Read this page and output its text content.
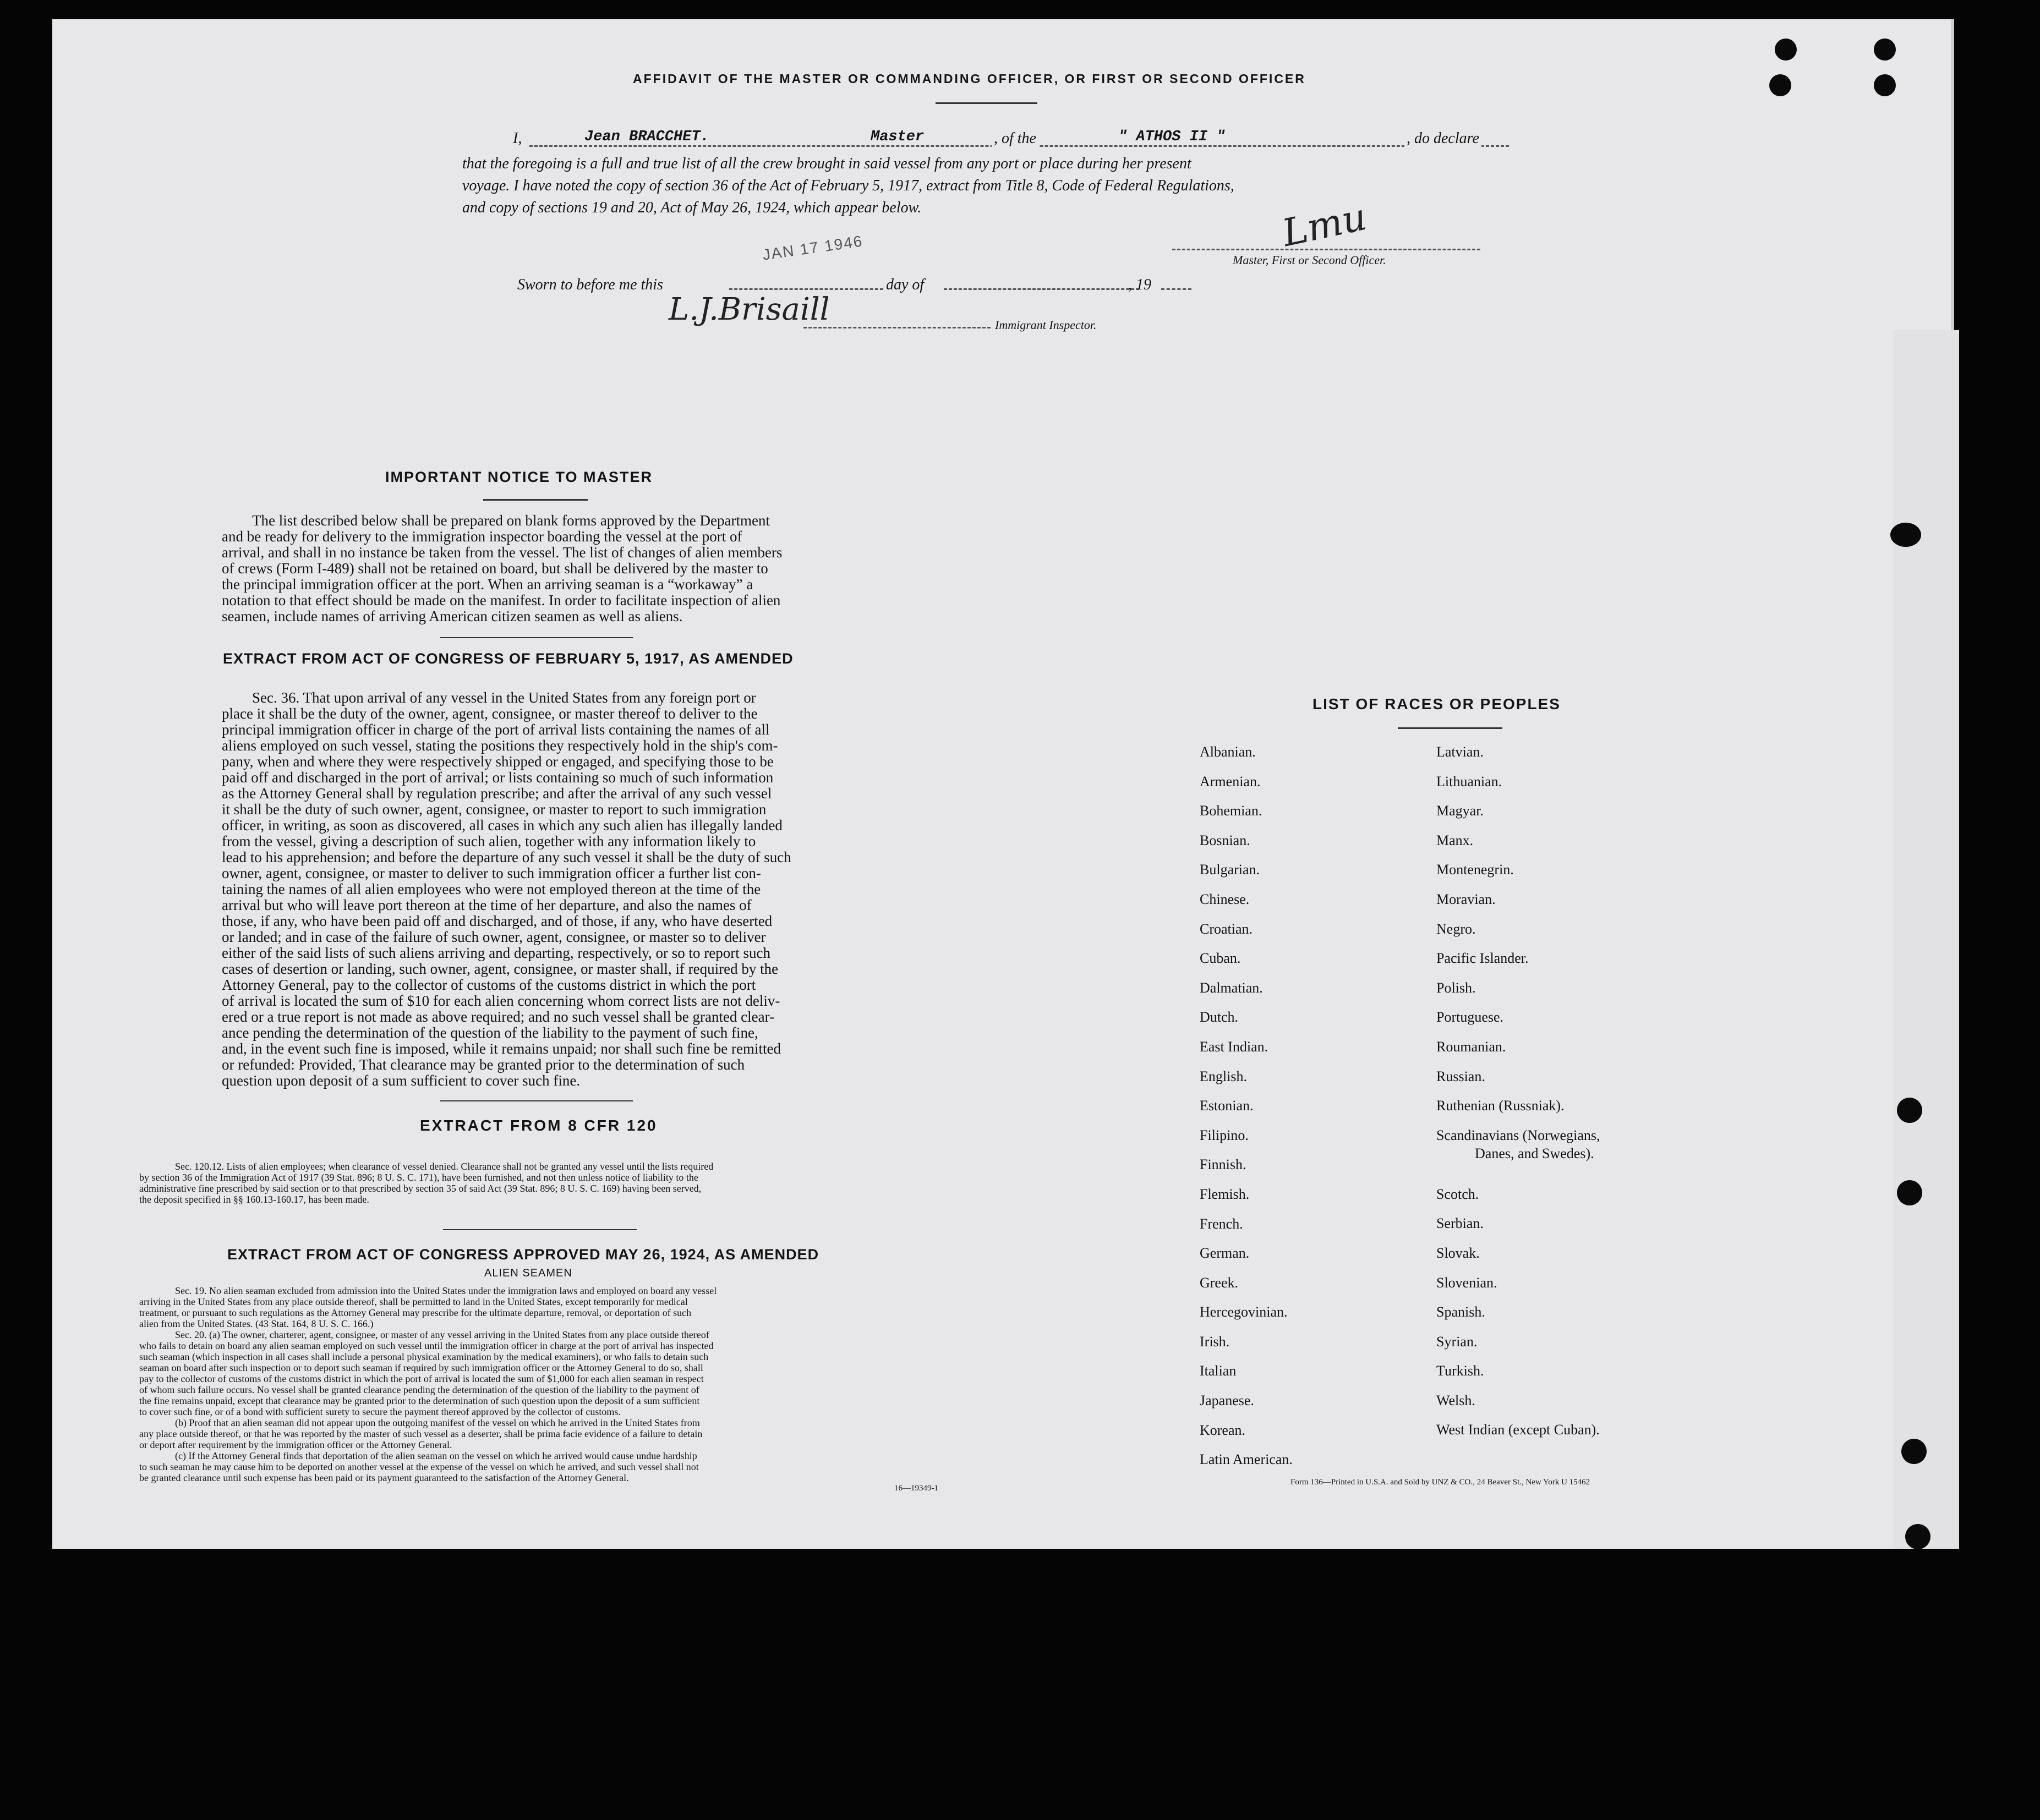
AFFIDAVIT OF THE MASTER OR COMMANDING OFFICER, OR FIRST OR SECOND OFFICER
I,	Jean BRACCHET.	Master	, of the	" ATHOS II "	, do declare
that the foregoing is a full and true list of all the crew brought in said vessel from any port or place during her present
voyage. I have noted the copy of section 36 of the Act of February 5, 1917, extract from Title 8, Code of Federal Regulations,
and copy of sections 19 and 20, Act of May 26, 1924, which appear below.
JAN 17 1946	Lmu
Master, First or Second Officer.
Sworn to before me this	day of	, 19
L.J.Brisaill	Immigrant Inspector.
IMPORTANT NOTICE TO MASTER
The list described below shall be prepared on blank forms approved by the Department
and be ready for delivery to the immigration inspector boarding the vessel at the port of
arrival, and shall in no instance be taken from the vessel. The list of changes of alien members
of crews (Form I-489) shall not be retained on board, but shall be delivered by the master to
the principal immigration officer at the port. When an arriving seaman is a “workaway” a
notation to that effect should be made on the manifest. In order to facilitate inspection of alien
seamen, include names of arriving American citizen seamen as well as aliens.
EXTRACT FROM ACT OF CONGRESS OF FEBRUARY 5, 1917, AS AMENDED
Sec. 36. That upon arrival of any vessel in the United States from any foreign port or
place it shall be the duty of the owner, agent, consignee, or master thereof to deliver to the
principal immigration officer in charge of the port of arrival lists containing the names of all
aliens employed on such vessel, stating the positions they respectively hold in the ship's com-
pany, when and where they were respectively shipped or engaged, and specifying those to be
paid off and discharged in the port of arrival; or lists containing so much of such information
as the Attorney General shall by regulation prescribe; and after the arrival of any such vessel
it shall be the duty of such owner, agent, consignee, or master to report to such immigration
officer, in writing, as soon as discovered, all cases in which any such alien has illegally landed
from the vessel, giving a description of such alien, together with any information likely to
lead to his apprehension; and before the departure of any such vessel it shall be the duty of such
owner, agent, consignee, or master to deliver to such immigration officer a further list con-
taining the names of all alien employees who were not employed thereon at the time of the
arrival but who will leave port thereon at the time of her departure, and also the names of
those, if any, who have been paid off and discharged, and of those, if any, who have deserted
or landed; and in case of the failure of such owner, agent, consignee, or master so to deliver
either of the said lists of such aliens arriving and departing, respectively, or so to report such
cases of desertion or landing, such owner, agent, consignee, or master shall, if required by the
Attorney General, pay to the collector of customs of the customs district in which the port
of arrival is located the sum of $10 for each alien concerning whom correct lists are not deliv-
ered or a true report is not made as above required; and no such vessel shall be granted clear-
ance pending the determination of the question of the liability to the payment of such fine,
and, in the event such fine is imposed, while it remains unpaid; nor shall such fine be remitted
or refunded: Provided, That clearance may be granted prior to the determination of such
question upon deposit of a sum sufficient to cover such fine.
EXTRACT FROM 8 CFR 120
Sec. 120.12. Lists of alien employees; when clearance of vessel denied. Clearance shall not be granted any vessel until the lists required
by section 36 of the Immigration Act of 1917 (39 Stat. 896; 8 U. S. C. 171), have been furnished, and not then unless notice of liability to the
administrative fine prescribed by said section or to that prescribed by section 35 of said Act (39 Stat. 896; 8 U. S. C. 169) having been served,
the deposit specified in §§ 160.13-160.17, has been made.
EXTRACT FROM ACT OF CONGRESS APPROVED MAY 26, 1924, AS AMENDED
ALIEN SEAMEN
Sec. 19. No alien seaman excluded from admission into the United States under the immigration laws and employed on board any vessel
arriving in the United States from any place outside thereof, shall be permitted to land in the United States, except temporarily for medical
treatment, or pursuant to such regulations as the Attorney General may prescribe for the ultimate departure, removal, or deportation of such
alien from the United States. (43 Stat. 164, 8 U. S. C. 166.)
Sec. 20. (a) The owner, charterer, agent, consignee, or master of any vessel arriving in the United States from any place outside thereof
who fails to detain on board any alien seaman employed on such vessel until the immigration officer in charge at the port of arrival has inspected
such seaman (which inspection in all cases shall include a personal physical examination by the medical examiners), or who fails to detain such
seaman on board after such inspection or to deport such seaman if required by such immigration officer or the Attorney General to do so, shall
pay to the collector of customs of the customs district in which the port of arrival is located the sum of $1,000 for each alien seaman in respect
of whom such failure occurs. No vessel shall be granted clearance pending the determination of the question of the liability to the payment of
the fine remains unpaid, except that clearance may be granted prior to the determination of such question upon the deposit of a sum sufficient
to cover such fine, or of a bond with sufficient surety to secure the payment thereof approved by the collector of customs.
(b) Proof that an alien seaman did not appear upon the outgoing manifest of the vessel on which he arrived in the United States from
any place outside thereof, or that he was reported by the master of such vessel as a deserter, shall be prima facie evidence of a failure to detain
or deport after requirement by the immigration officer or the Attorney General.
(c) If the Attorney General finds that deportation of the alien seaman on the vessel on which he arrived would cause undue hardship
to such seaman he may cause him to be deported on another vessel at the expense of the vessel on which he arrived, and such vessel shall not
be granted clearance until such expense has been paid or its payment guaranteed to the satisfaction of the Attorney General.
16—19349-1
LIST OF RACES OR PEOPLES
Albanian.
Armenian.
Bohemian.
Bosnian.
Bulgarian.
Chinese.
Croatian.
Cuban.
Dalmatian.
Dutch.
East Indian.
English.
Estonian.
Filipino.
Finnish.
Flemish.
French.
German.
Greek.
Hercegovinian.
Irish.
Italian
Japanese.
Korean.
Latin American.
Latvian.
Lithuanian.
Magyar.
Manx.
Montenegrin.
Moravian.
Negro.
Pacific Islander.
Polish.
Portuguese.
Roumanian.
Russian.
Ruthenian (Russniak).
Scandinavians (Norwegians,
Danes, and Swedes).
Scotch.
Serbian.
Slovak.
Slovenian.
Spanish.
Syrian.
Turkish.
Welsh.
West Indian (except Cuban).
Form 136—Printed in U.S.A. and Sold by UNZ & CO., 24 Beaver St., New York U 15462
